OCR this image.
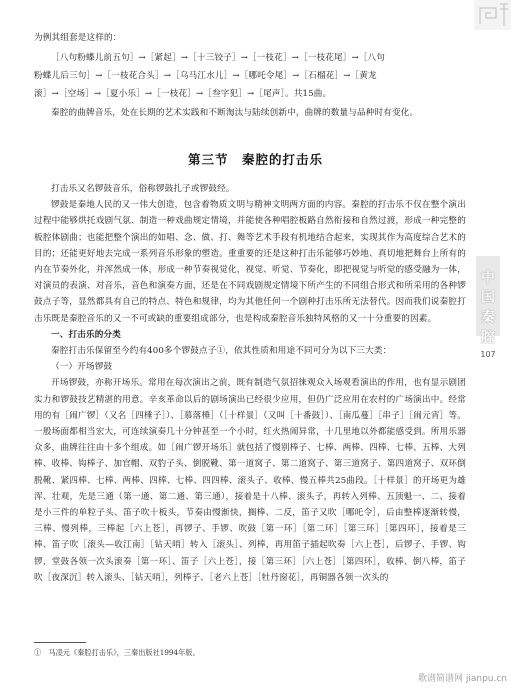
为例其组套是这样的：

［八句粉蝶儿前五句］→［紧起］→［十三铰子］→［一枝花］→［一枝花尾］→［八句

粉蝶儿后三句］→［一枝花合头］→［乌马江水儿］→［哪吒令尾］→［石榴花］→［黄龙

滚］→［空场］→［夏小乐］→［一枝花］→［叁字犯］→［尾声］。共15曲。

秦腔的曲牌音乐，处在长期的艺术实践和不断淘汰与陆续创新中，曲牌的数量与品种时有变化。

第三节　秦腔的打击乐

打击乐又名锣鼓音乐，俗称锣鼓扎子或锣鼓经。

锣鼓是秦地人民的又一伟大创造，包含着物质文明与精神文明两方面的内容。秦腔的打击乐不仅在整个演出过程中能够烘托戏剧气氛、制造一种戏曲规定情境，并能使各种唱腔板路自然衔接和自然过渡，形成一种完整的板腔体剧曲；也能把整个演出的如唱、念、做、打、舞等艺术手段有机地结合起来，实现其作为高度综合艺术的目的；还能更好地去完成一系列音乐形象的塑造。重重要的还是这种打击乐能够巧妙地、真切地把舞台上所有的内在节奏外化，并浑然成一体，形成一种节奏视觉化，视觉、听觉、节奏化，即把视觉与听觉的感受融为一体，对演员的表演、对音乐，音色和演奏方面，还是在不同戏剧规定情境下所产生的不同组合形式和所采用的各种锣鼓点子等，显然都具有自己的特点、特色和规律，均为其他任何一个剧种打击乐所无法替代。因而我们说秦腔打击乐既是秦腔音乐的又一不可或缺的重要组成部分，也是构成秦腔音乐独特风格的又一十分重要的因素。

一、打击乐的分类

秦腔打击乐保留至今约有400多个锣鼓点子①，依其性质和用途不同可分为以下三大类：

（一）开场锣鼓

开场锣鼓，亦称开场乐。常用在每次演出之前，既有制造气氛招徕观众入场观看演出的作用，也有显示剧团实力和锣鼓技艺精湛的用意。辛亥革命以后的剧场演出已经很少应用，但仍广泛应用在农村的广场演出中。经常用的有［闹广锣］（又名［四棰子］）、［慕落棰］（［十样景］（又叫［十番鼓］）、［南瓜蔓］［串子］［闹元宵］等。一般场面都相当宏大，可连续演奏几十分钟甚至一个小时，红火热闹异常，十几里地以外都能感受到。所用乐器众多，曲牌往往由十多个组成。如［闹广锣开场乐］就包括了慢别棒子、七棒、两棒、四棒、七棒、五棒、大列棒、收棒、钩棒子、加官帽、双豹子头、倒脱靴、第一道窝子、第二道窝子、第三道窝子、第四道窝子、双环倒脱靴、紧四棒、七棒、两棒、四棒、七棒、四四棒、滚头子、收棒、慢五棒共25曲段。［十样景］的开场更为雄浑、壮观，先是三通（第一通、第二通、第三通），接着是十八棒、滚头子，再转入列棒、五顶魁一、二、接着是小三件的单粒子头、笛子吹十板头，节奏由慢渐快，搁棒、二反，笛子又吹［哪吒令］，后由整棒逐渐转慢，三棒、慢列棒，三棒起［六上苍］，再锣子、手锣、吹鼓［第一环］［第二环］［第三环］［第四环］，接着是三棒、笛子吹［滚头—收江南］［钻天哨］转入［滚头］、列棒，再用笛子插起吹奏［六上苍］，后锣子、手锣、钩锣，堂鼓各领一次头滚奏［第一环］、笛子［六上苍］，接［第三环］［六上苍］［第四环］，收棒、倒八棒，笛子吹［夜深沉］转入滚头、［钻天哨］，列棒子、［老六上苍］［牡丹窗花］，再铜器各领一次头的

中
国
秦
腔
107
①　马凌元《秦腔打击乐》，三秦出版社1994年版。
歌谱简谱网 jianpu.cn
